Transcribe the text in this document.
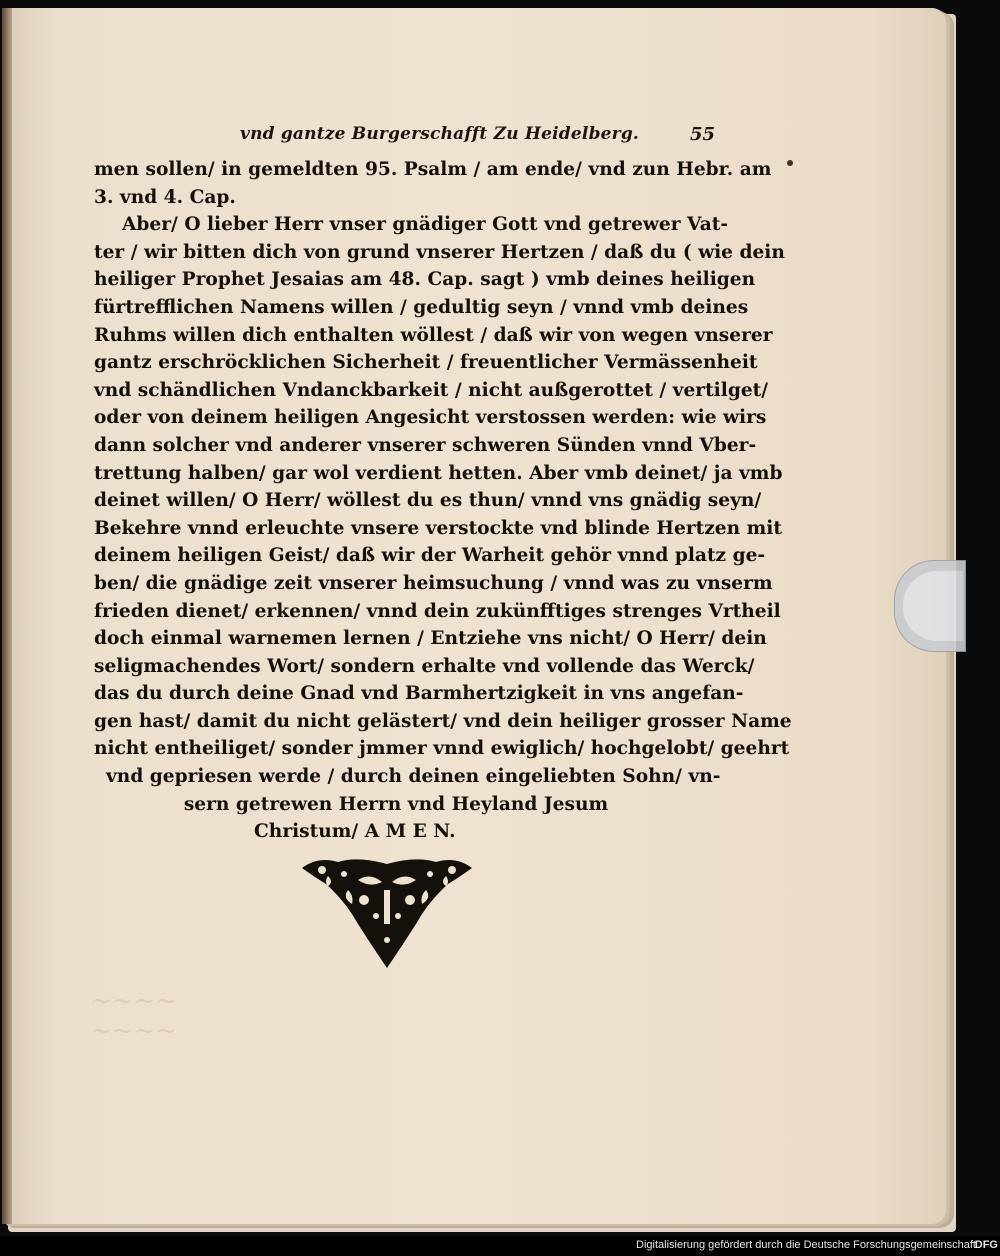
vnd gantze Burgerschafft Zu Heidelberg.	55
men sollen/ in gemeldten 95. Psalm / am ende/ vnd zun Hebr. am
3. vnd 4. Cap.
Aber/ O lieber Herr vnser gnädiger Gott vnd getrewer Vat-
ter / wir bitten dich von grund vnserer Hertzen / daß du ( wie dein
heiliger Prophet Jesaias am 48. Cap. sagt ) vmb deines heiligen
fürtrefflichen Namens willen / gedultig seyn / vnnd vmb deines
Ruhms willen dich enthalten wöllest / daß wir von wegen vnserer
gantz erschröcklichen Sicherheit / freuentlicher Vermässenheit
vnd schändlichen Vndanckbarkeit / nicht außgerottet / vertilget/
oder von deinem heiligen Angesicht verstossen werden: wie wirs
dann solcher vnd anderer vnserer schweren Sünden vnnd Vber-
trettung halben/ gar wol verdient hetten. Aber vmb deinet/ ja vmb
deinet willen/ O Herr/ wöllest du es thun/ vnnd vns gnädig seyn/
Bekehre vnnd erleuchte vnsere verstockte vnd blinde Hertzen mit
deinem heiligen Geist/ daß wir der Warheit gehör vnnd platz ge-
ben/ die gnädige zeit vnserer heimsuchung / vnnd was zu vnserm
frieden dienet/ erkennen/ vnnd dein zukünfftiges strenges Vrtheil
doch einmal warnemen lernen / Entziehe vns nicht/ O Herr/ dein
seligmachendes Wort/ sondern erhalte vnd vollende das Werck/
das du durch deine Gnad vnd Barmhertzigkeit in vns angefan-
gen hast/ damit du nicht gelästert/ vnd dein heiliger grosser Name
nicht entheiliget/ sonder jmmer vnnd ewiglich/ hochgelobt/ geehrt
vnd gepriesen werde / durch deinen eingeliebten Sohn/ vn-
sern getrewen Herrn vnd Heyland Jesum
Christum/ A M E N.
~~~~ ~~~~
Digitalisierung gefördert durch die Deutsche Forschungsgemeinschaft
DFG
